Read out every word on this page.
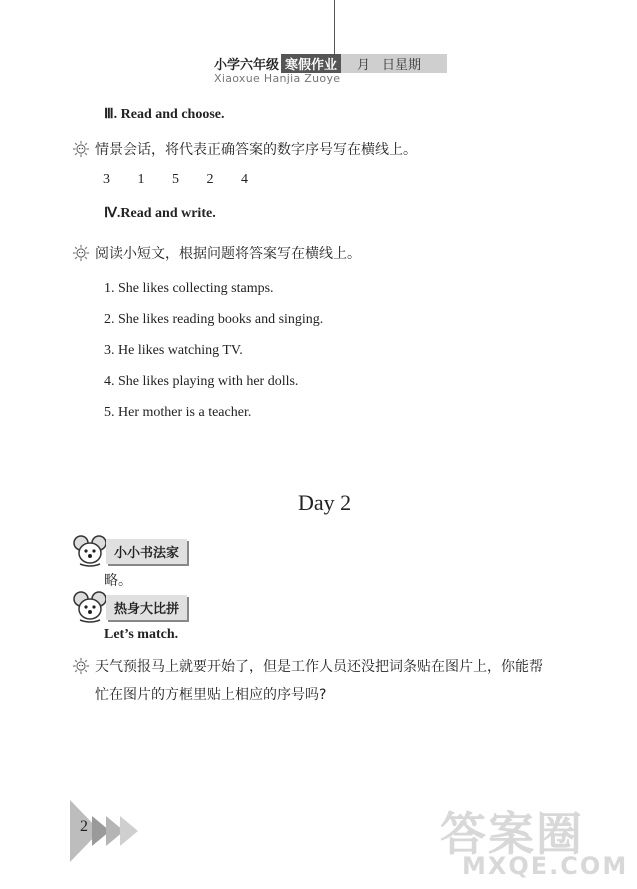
小学六年级 寒假作业	月 日星期
Xiaoxue Hanjia Zuoye
Ⅲ. Read and choose.
情景会话，将代表正确答案的数字序号写在横线上。
3 1 5 2 4
Ⅳ.Read and write.
阅读小短文，根据问题将答案写在横线上。
1. She likes collecting stamps.
2. She likes reading books and singing.
3. He likes watching TV.
4. She likes playing with her dolls.
5. Her mother is a teacher.
Day 2
小小书法家
略。
热身大比拼
Let’s match.
天气预报马上就要开始了，但是工作人员还没把词条贴在图片上，你能帮
忙在图片的方框里贴上相应的序号吗?
2	答案圈
MXQE.COM
